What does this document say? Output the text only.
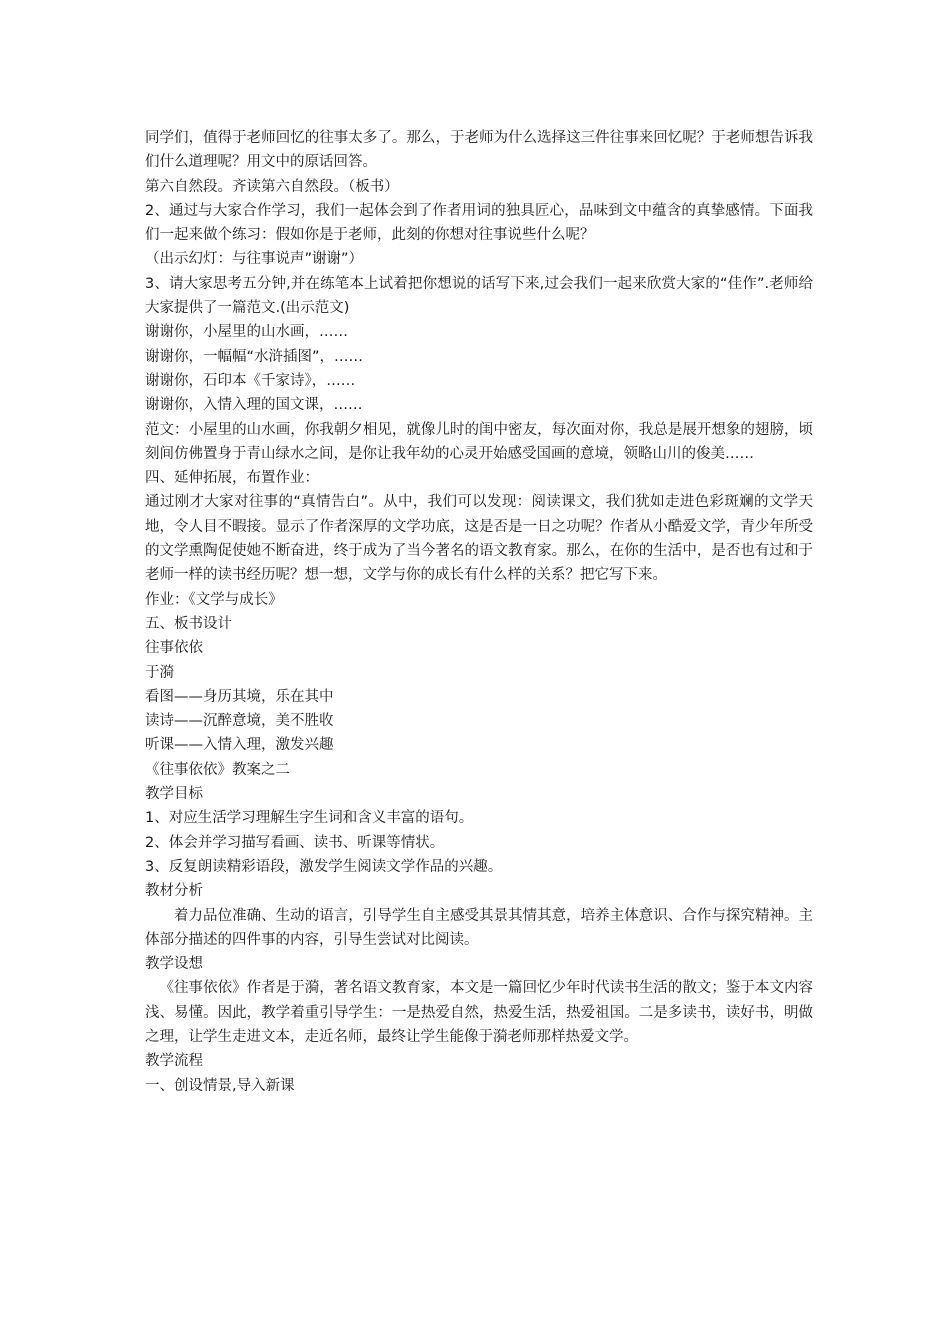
同学们，值得于老师回忆的往事太多了。那么，于老师为什么选择这三件往事来回忆呢？于老师想告诉我们什么道理呢？用文中的原话回答。

第六自然段。齐读第六自然段。（板书）

2、通过与大家合作学习，我们一起体会到了作者用词的独具匠心，品味到文中蕴含的真挚感情。下面我们一起来做个练习：假如你是于老师，此刻的你想对往事说些什么呢？

（出示幻灯：与往事说声”谢谢”）

3、请大家思考五分钟,并在练笔本上试着把你想说的话写下来,过会我们一起来欣赏大家的“佳作”.老师给大家提供了一篇范文.(出示范文)

谢谢你，小屋里的山水画，……

谢谢你，一幅幅“水浒插图”，……

谢谢你，石印本《千家诗》，……

谢谢你，入情入理的国文课，……

范文：小屋里的山水画，你我朝夕相见，就像儿时的闺中密友，每次面对你，我总是展开想象的翅膀，顷刻间仿佛置身于青山绿水之间，是你让我年幼的心灵开始感受国画的意境，领略山川的俊美……

四、延伸拓展，布置作业：

通过刚才大家对往事的“真情告白”。从中，我们可以发现：阅读课文，我们犹如走进色彩斑斓的文学天地，令人目不暇接。显示了作者深厚的文学功底，这是否是一日之功呢？作者从小酷爱文学，青少年所受的文学熏陶促使她不断奋进，终于成为了当今著名的语文教育家。那么，在你的生活中，是否也有过和于老师一样的读书经历呢？想一想，文学与你的成长有什么样的关系？把它写下来。

作业：《文学与成长》

五、板书设计

往事依依

于漪

看图——身历其境，乐在其中

读诗——沉醉意境，美不胜收

听课——入情入理，激发兴趣

《往事依依》教案之二

教学目标

1、对应生活学习理解生字生词和含义丰富的语句。

2、体会并学习描写看画、读书、听课等情状。

3、反复朗读精彩语段，激发学生阅读文学作品的兴趣。

教材分析

着力品位准确、生动的语言，引导学生自主感受其景其情其意，培养主体意识、合作与探究精神。主体部分描述的四件事的内容，引导生尝试对比阅读。

教学设想

《往事依依》作者是于漪，著名语文教育家，本文是一篇回忆少年时代读书生活的散文；鉴于本文内容浅、易懂。因此，教学着重引导学生：一是热爱自然，热爱生活，热爱祖国。二是多读书，读好书，明做之理，让学生走进文本，走近名师，最终让学生能像于漪老师那样热爱文学。

教学流程

一、创设情景,导入新课
